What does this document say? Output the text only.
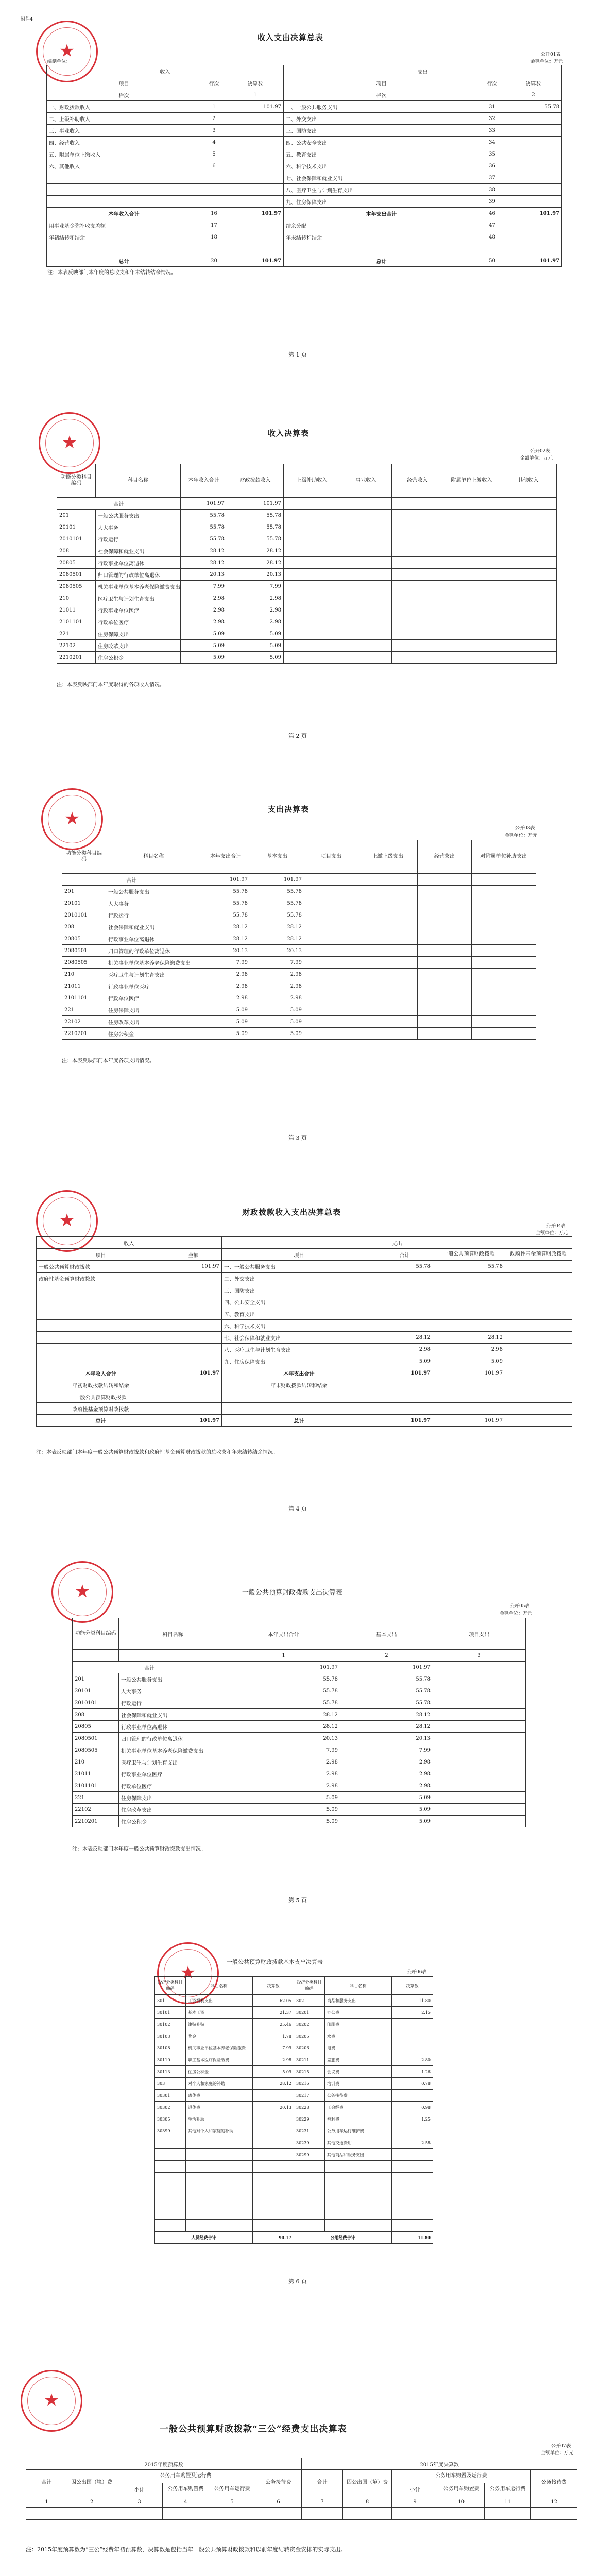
附件4
★
收入支出决算总表
编制单位：
公开01表
金额单位：万元
收入			支出		
项目	行次	决算数	项目	行次	决算数
栏次		1	栏次		2
一、财政拨款收入	1	101.97	一、一般公共服务支出	31	55.78
二、上级补助收入	2		二、外交支出	32	
三、事业收入	3		三、国防支出	33	
四、经营收入	4		四、公共安全支出	34	
五、附属单位上缴收入	5		五、教育支出	35	
六、其他收入	6		六、科学技术支出	36	
			七、社会保障和就业支出	37	
			八、医疗卫生与计划生育支出	38	
			九、住房保障支出	39	
本年收入合计	16	101.97	本年支出合计	46	101.97
用事业基金弥补收支差额	17		结余分配	47	
年初结转和结余	18		年末结转和结余	48	

总计	20	101.97	总计	50	101.97
注：本表反映部门本年度的总收支和年末结转结余情况。
第 1 页
★
收入决算表
公开02表
金额单位：万元
功能分类科目编码	科目名称	本年收入合计	财政拨款收入	上级补助收入	事业收入	经营收入	附属单位上缴收入	其他收入
合计		101.97	101.97					
201	一般公共服务支出	55.78	55.78					
20101	人大事务	55.78	55.78					
2010101	行政运行	55.78	55.78					
208	社会保障和就业支出	28.12	28.12					
20805	行政事业单位离退休	28.12	28.12					
2080501	归口管理的行政单位离退休	20.13	20.13					
2080505	机关事业单位基本养老保险缴费支出	7.99	7.99					
210	医疗卫生与计划生育支出	2.98	2.98					
21011	行政事业单位医疗	2.98	2.98					
2101101	行政单位医疗	2.98	2.98					
221	住房保障支出	5.09	5.09					
22102	住房改革支出	5.09	5.09					
2210201	住房公积金	5.09	5.09					
注：本表反映部门本年度取得的各项收入情况。
第 2 页
★
支出决算表
公开03表
金额单位：万元
功能分类科目编码	科目名称	本年支出合计	基本支出	项目支出	上缴上级支出	经营支出	对附属单位补助支出
合计		101.97	101.97				
201	一般公共服务支出	55.78	55.78				
20101	人大事务	55.78	55.78				
2010101	行政运行	55.78	55.78				
208	社会保障和就业支出	28.12	28.12				
20805	行政事业单位离退休	28.12	28.12				
2080501	归口管理的行政单位离退休	20.13	20.13				
2080505	机关事业单位基本养老保险缴费支出	7.99	7.99				
210	医疗卫生与计划生育支出	2.98	2.98				
21011	行政事业单位医疗	2.98	2.98				
2101101	行政单位医疗	2.98	2.98				
221	住房保障支出	5.09	5.09				
22102	住房改革支出	5.09	5.09				
2210201	住房公积金	5.09	5.09				
注：本表反映部门本年度各项支出情况。
第 3 页
★
财政拨款收入支出决算总表
公开04表
金额单位：万元
收入		支出			
项目	金额	项目	合计	一般公共预算财政拨款	政府性基金预算财政拨款
一般公共预算财政拨款	101.97	一、一般公共服务支出	55.78	55.78	
政府性基金预算财政拨款		二、外交支出			
		三、国防支出			
		四、公共安全支出			
		五、教育支出			
		六、科学技术支出			
		七、社会保障和就业支出	28.12	28.12	
		八、医疗卫生与计划生育支出	2.98	2.98	
		九、住房保障支出	5.09	5.09	
本年收入合计	101.97	本年支出合计	101.97	101.97	
年初财政拨款结转和结余		年末财政拨款结转和结余			
一般公共预算财政拨款					
政府性基金预算财政拨款					
总计	101.97	总计	101.97	101.97	
注：本表反映部门本年度一般公共预算财政拨款和政府性基金预算财政拨款的总收支和年末结转结余情况。
第 4 页
★
一般公共预算财政拨款支出决算表
公开05表
金额单位：万元
功能分类科目编码	科目名称	本年支出合计	基本支出	项目支出
		1	2	3
合计		101.97	101.97	
201	一般公共服务支出	55.78	55.78	
20101	人大事务	55.78	55.78	
2010101	行政运行	55.78	55.78	
208	社会保障和就业支出	28.12	28.12	
20805	行政事业单位离退休	28.12	28.12	
2080501	归口管理的行政单位离退休	20.13	20.13	
2080505	机关事业单位基本养老保险缴费支出	7.99	7.99	
210	医疗卫生与计划生育支出	2.98	2.98	
21011	行政事业单位医疗	2.98	2.98	
2101101	行政单位医疗	2.98	2.98	
221	住房保障支出	5.09	5.09	
22102	住房改革支出	5.09	5.09	
2210201	住房公积金	5.09	5.09	
注：本表反映部门本年度一般公共预算财政拨款支出情况。
第 5 页
★
一般公共预算财政拨款基本支出决算表
公开06表
经济分类科目编码	科目名称	决算数	经济分类科目编码	科目名称	决算数
301	工资福利支出	62.05	302	商品和服务支出	11.80
30101	基本工资	21.37	30201	办公费	2.15
30102	津贴补贴	25.46	30202	印刷费	
30103	奖金	1.78	30205	水费	
30108	机关事业单位基本养老保险缴费	7.99	30206	电费	
30110	职工基本医疗保险缴费	2.98	30211	差旅费	2.80
30113	住房公积金	5.09	30215	会议费	1.26
303	对个人和家庭的补助	28.12	30216	培训费	0.78
30301	离休费		30217	公务接待费	
30302	退休费	20.13	30228	工会经费	0.98
30305	生活补助		30229	福利费	1.25
30399	其他对个人和家庭的补助		30231	公务用车运行维护费	
			30239	其他交通费用	2.58
			30299	其他商品和服务支出	

人员经费合计		90.17	公用经费合计		11.80
第 6 页
★
一般公共预算财政拨款“三公”经费支出决算表
公开07表
金额单位：万元
2015年度预算数						2015年度决算数					
合计	因公出国（境）费	公务用车购置及运行费			公务接待费	合计	因公出国（境）费	公务用车购置及运行费			公务接待费
		小计	公务用车购置费	公务用车运行费				小计	公务用车购置费	公务用车运行费	
1	2	3	4	5	6	7	8	9	10	11	12

注：2015年度预算数为“三公”经费年初预算数，决算数是包括当年一般公共预算财政拨款和以前年度结转资金安排的实际支出。
